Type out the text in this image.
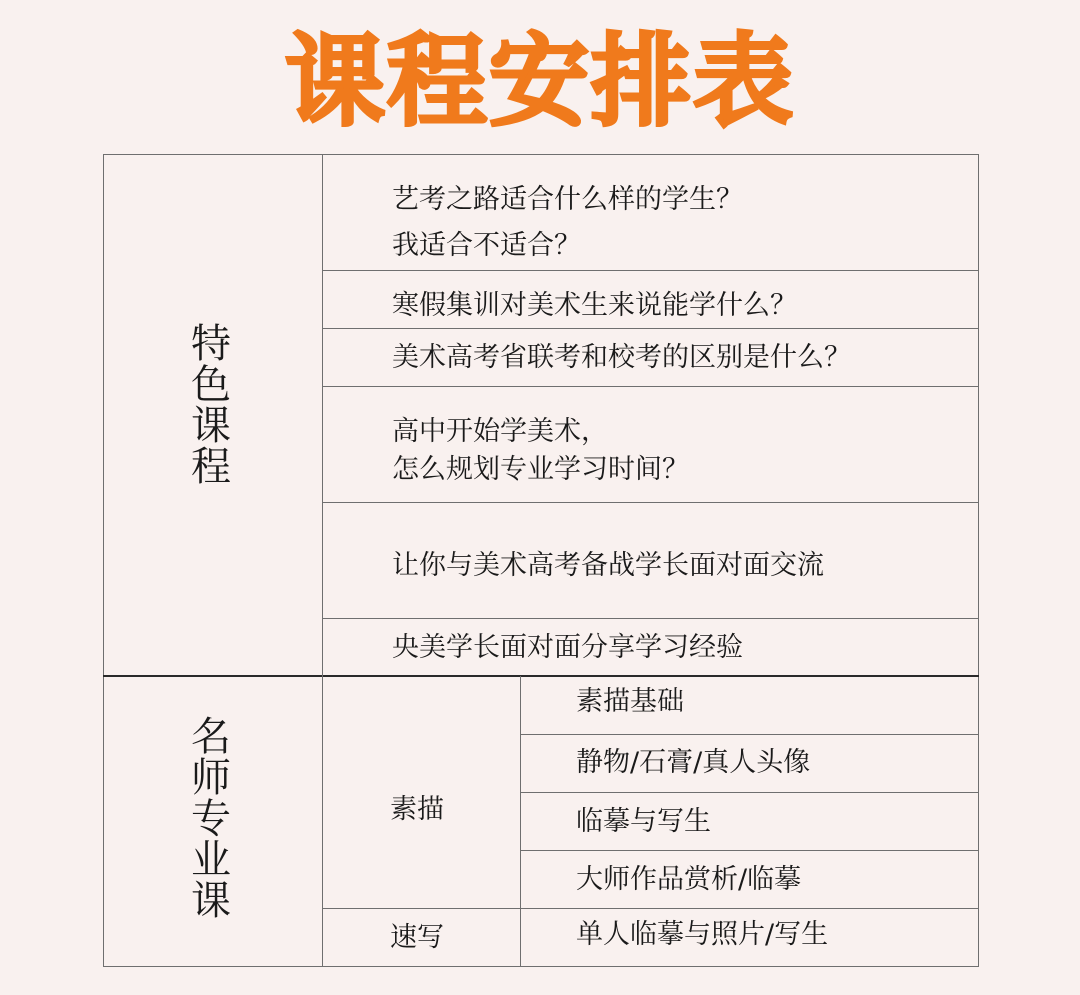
课程安排表
特色课程
名师专业课
艺考之路适合什么样的学生？
我适合不适合？
寒假集训对美术生来说能学什么？
美术高考省联考和校考的区别是什么？
高中开始学美术，
怎么规划专业学习时间？
让你与美术高考备战学长面对面交流
央美学长面对面分享学习经验
素描
速写
素描基础
静物/石膏/真人头像
临摹与写生
大师作品赏析/临摹
单人临摹与照片/写生
